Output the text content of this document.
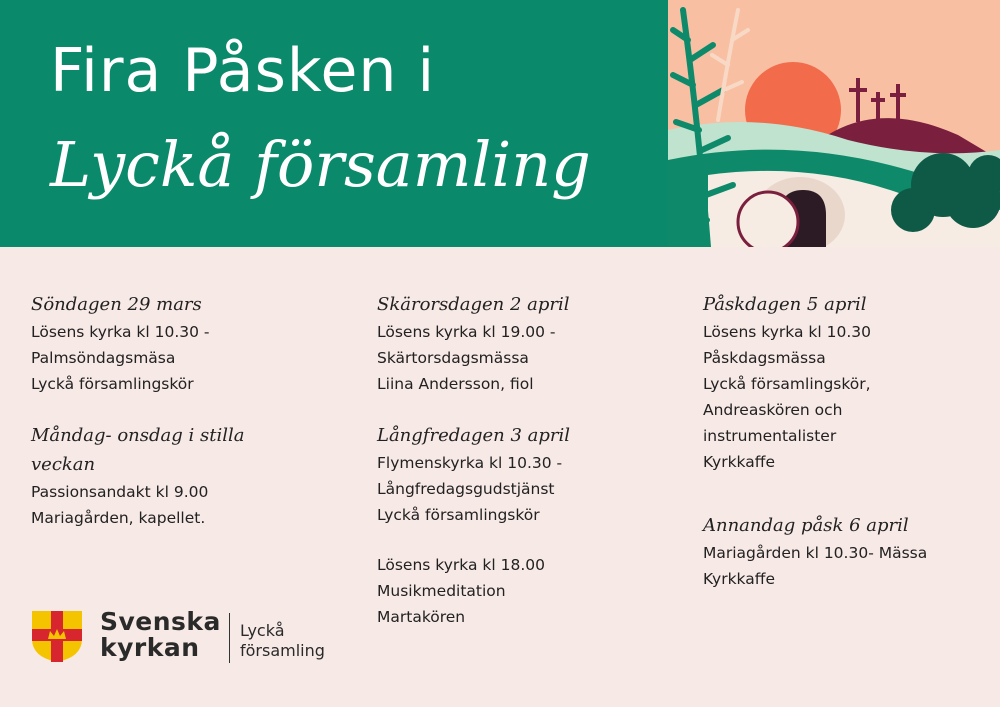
Fira Påsken i
Lyckå församling
Söndagen 29 mars
Lösens kyrka kl 10.30 -
Palmsöndagsmäsa
Lyckå församlingskör
Måndag- onsdag i stilla
veckan
Passionsandakt kl 9.00
Mariagården, kapellet.
Skärorsdagen 2 april
Lösens kyrka kl 19.00 -
Skärtorsdagsmässa
Liina Andersson, fiol
Långfredagen 3 april
Flymenskyrka kl 10.30 -
Långfredagsgudstjänst
Lyckå församlingskör
Lösens kyrka kl 18.00
Musikmeditation
Martakören
Påskdagen 5 april
Lösens kyrka kl 10.30
Påskdagsmässa
Lyckå församlingskör,
Andreaskören och
instrumentalister
Kyrkkaffe
Annandag påsk 6 april
Mariagården kl 10.30- Mässa
Kyrkkaffe
Svenska
kyrkan
Lyckå
församling
